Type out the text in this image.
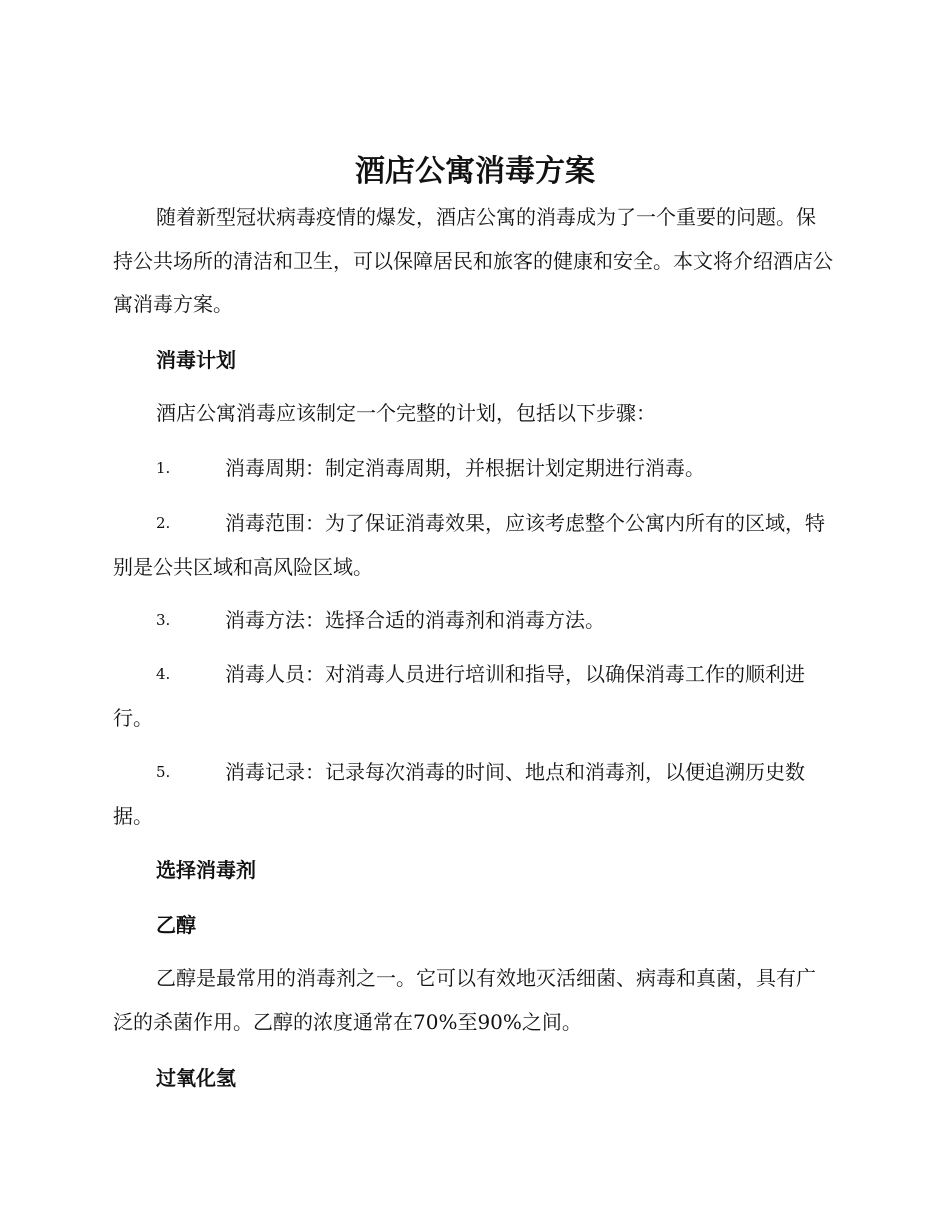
酒店公寓消毒方案

随着新型冠状病毒疫情的爆发，酒店公寓的消毒成为了一个重要的问题。保持公共场所的清洁和卫生，可以保障居民和旅客的健康和安全。本文将介绍酒店公寓消毒方案。

消毒计划

酒店公寓消毒应该制定一个完整的计划，包括以下步骤：

1.	消毒周期：制定消毒周期，并根据计划定期进行消毒。
2.	消毒范围：为了保证消毒效果，应该考虑整个公寓内所有的区域，特别是公共区域和高风险区域。
3.	消毒方法：选择合适的消毒剂和消毒方法。
4.	消毒人员：对消毒人员进行培训和指导，以确保消毒工作的顺利进行。
5.	消毒记录：记录每次消毒的时间、地点和消毒剂，以便追溯历史数据。
选择消毒剂
乙醇

乙醇是最常用的消毒剂之一。它可以有效地灭活细菌、病毒和真菌，具有广泛的杀菌作用。乙醇的浓度通常在70%至90%之间。

过氧化氢
